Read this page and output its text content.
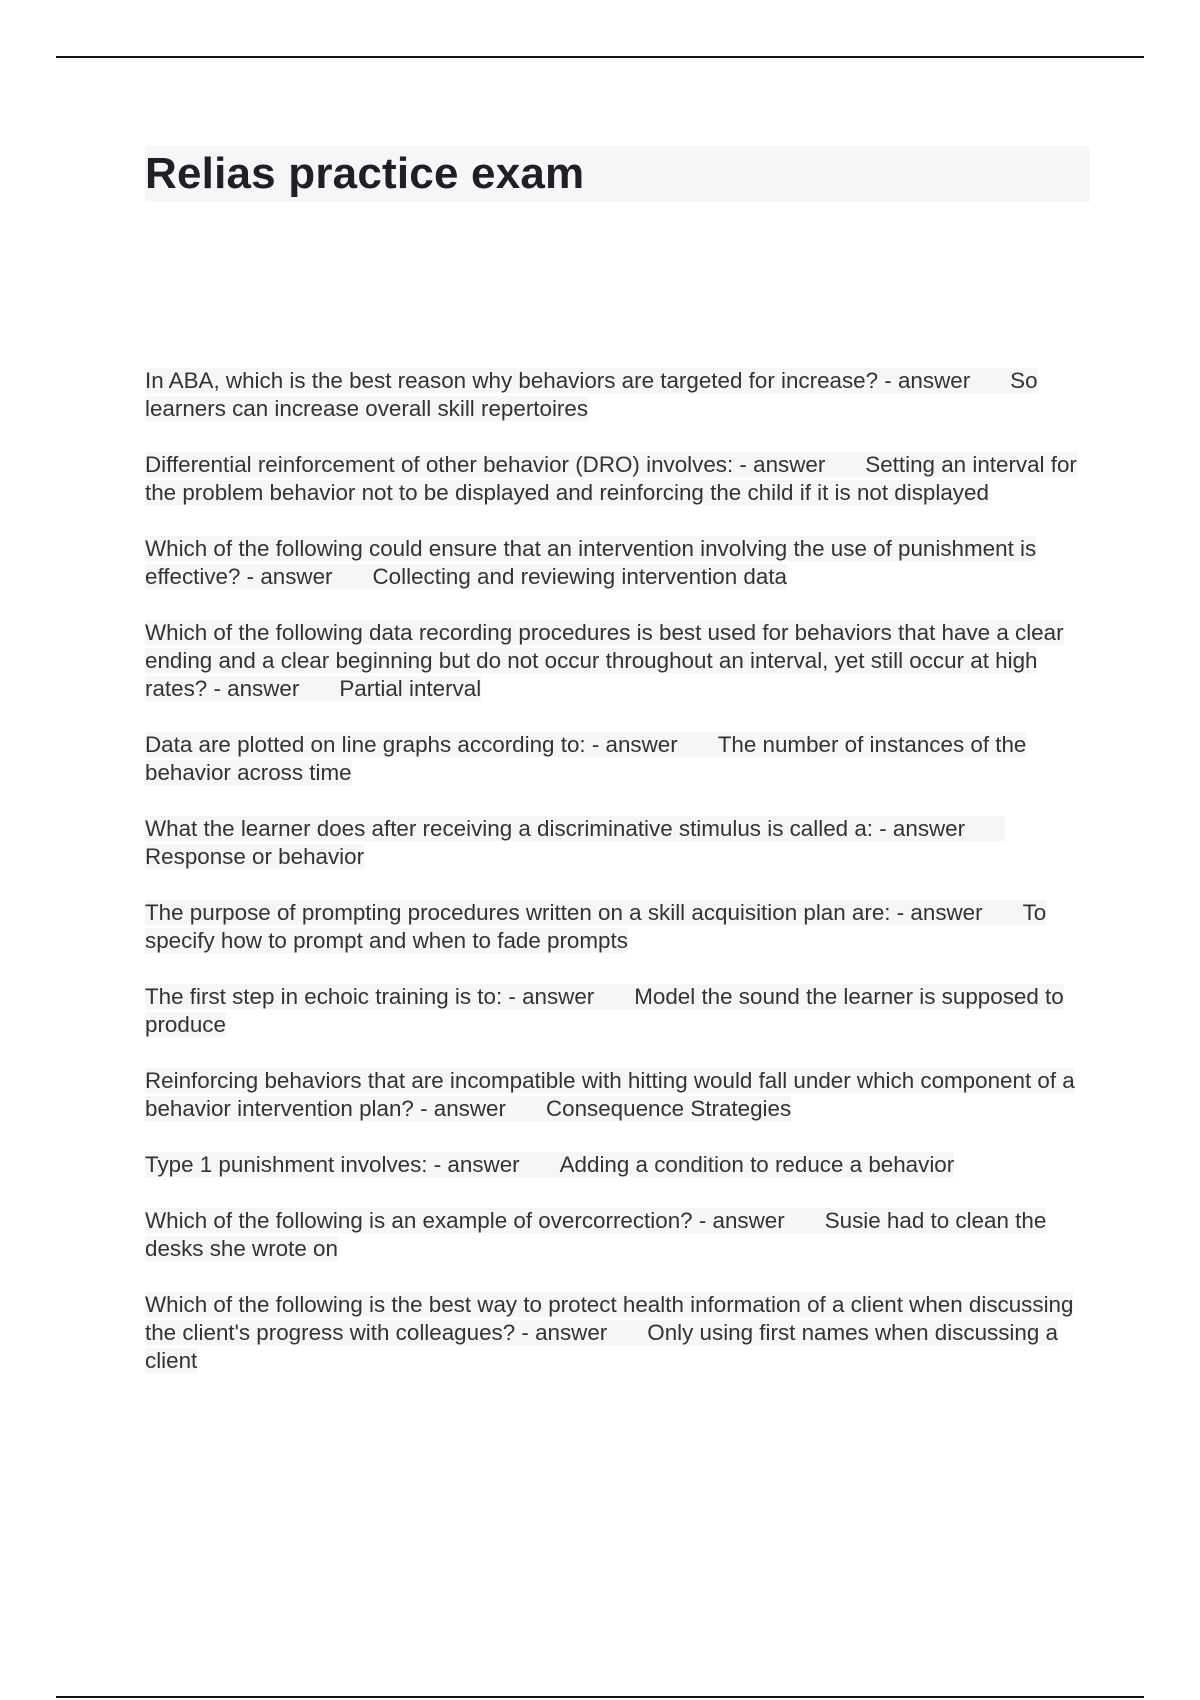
Relias practice exam
In ABA, which is the best reason why behaviors are targeted for increase? - answer So learners can increase overall skill repertoires
Differential reinforcement of other behavior (DRO) involves: - answer Setting an interval for the problem behavior not to be displayed and reinforcing the child if it is not displayed
Which of the following could ensure that an intervention involving the use of punishment is effective? - answer Collecting and reviewing intervention data
Which of the following data recording procedures is best used for behaviors that have a clear ending and a clear beginning but do not occur throughout an interval, yet still occur at high rates? - answer Partial interval
Data are plotted on line graphs according to: - answer The number of instances of the behavior across time
What the learner does after receiving a discriminative stimulus is called a: - answerResponse or behavior
The purpose of prompting procedures written on a skill acquisition plan are: - answer To specify how to prompt and when to fade prompts
The first step in echoic training is to: - answer Model the sound the learner is supposed to produce
Reinforcing behaviors that are incompatible with hitting would fall under which component of a behavior intervention plan? - answer Consequence Strategies
Type 1 punishment involves: - answer Adding a condition to reduce a behavior
Which of the following is an example of overcorrection? - answer Susie had to clean the desks she wrote on
Which of the following is the best way to protect health information of a client when discussing the client's progress with colleagues? - answer Only using first names when discussing a client
